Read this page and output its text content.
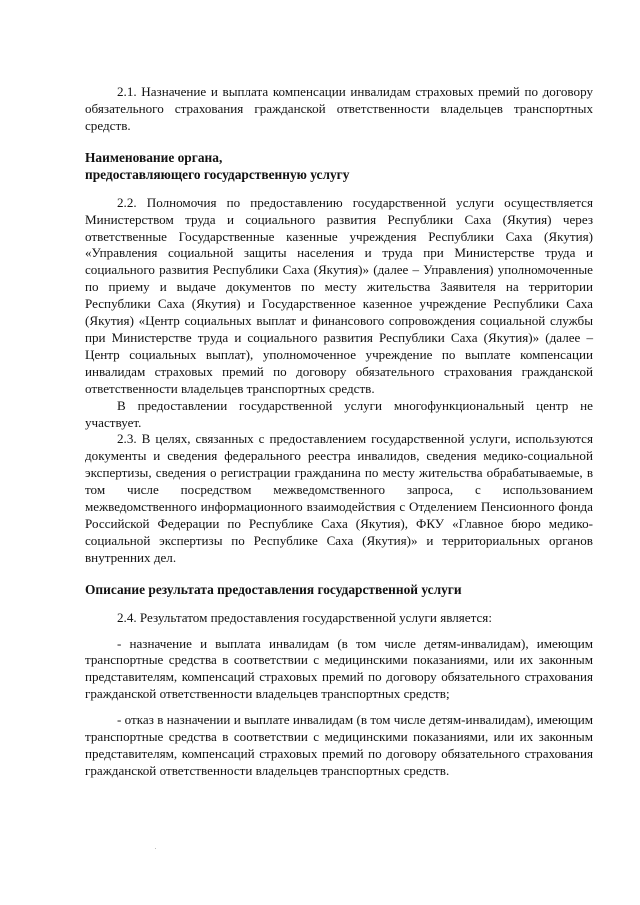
2.1. Назначение и выплата компенсации инвалидам страховых премий по договору обязательного страхования гражданской ответственности владельцев транспортных средств.

Наименование органа,

предоставляющего государственную услугу

2.2. Полномочия по предоставлению государственной услуги осуществляется Министерством труда и социального развития Республики Саха (Якутия) через ответственные Государственные казенные учреждения Республики Саха (Якутия) «Управления социальной защиты населения и труда при Министерстве труда и социального развития Республики Саха (Якутия)» (далее – Управления) уполномоченные по приему и выдаче документов по месту жительства Заявителя на территории Республики Саха (Якутия) и Государственное казенное учреждение Республики Саха (Якутия) «Центр социальных выплат и финансового сопровождения социальной службы при Министерстве труда и социального развития Республики Саха (Якутия)» (далее – Центр социальных выплат), уполномоченное учреждение по выплате компенсации инвалидам страховых премий по договору обязательного страхования гражданской ответственности владельцев транспортных средств.

В предоставлении государственной услуги многофункциональный центр не участвует.

2.3. В целях, связанных с предоставлением государственной услуги, используются документы и сведения федерального реестра инвалидов, сведения медико-социальной экспертизы, сведения о регистрации гражданина по месту жительства обрабатываемые, в том числе посредством межведомственного запроса, с использованием межведомственного информационного взаимодействия с Отделением Пенсионного фонда Российской Федерации по Республике Саха (Якутия), ФКУ «Главное бюро медико-социальной экспертизы по Республике Саха (Якутия)» и территориальных органов внутренних дел.

Описание результата предоставления государственной услуги

2.4. Результатом предоставления государственной услуги является:

- назначение и выплата инвалидам (в том числе детям-инвалидам), имеющим транспортные средства в соответствии с медицинскими показаниями, или их законным представителям, компенсаций страховых премий по договору обязательного страхования гражданской ответственности владельцев транспортных средств;

- отказ в назначении и выплате инвалидам (в том числе детям-инвалидам), имеющим транспортные средства в соответствии с медицинскими показаниями, или их законным представителям, компенсаций страховых премий по договору обязательного страхования гражданской ответственности владельцев транспортных средств.
